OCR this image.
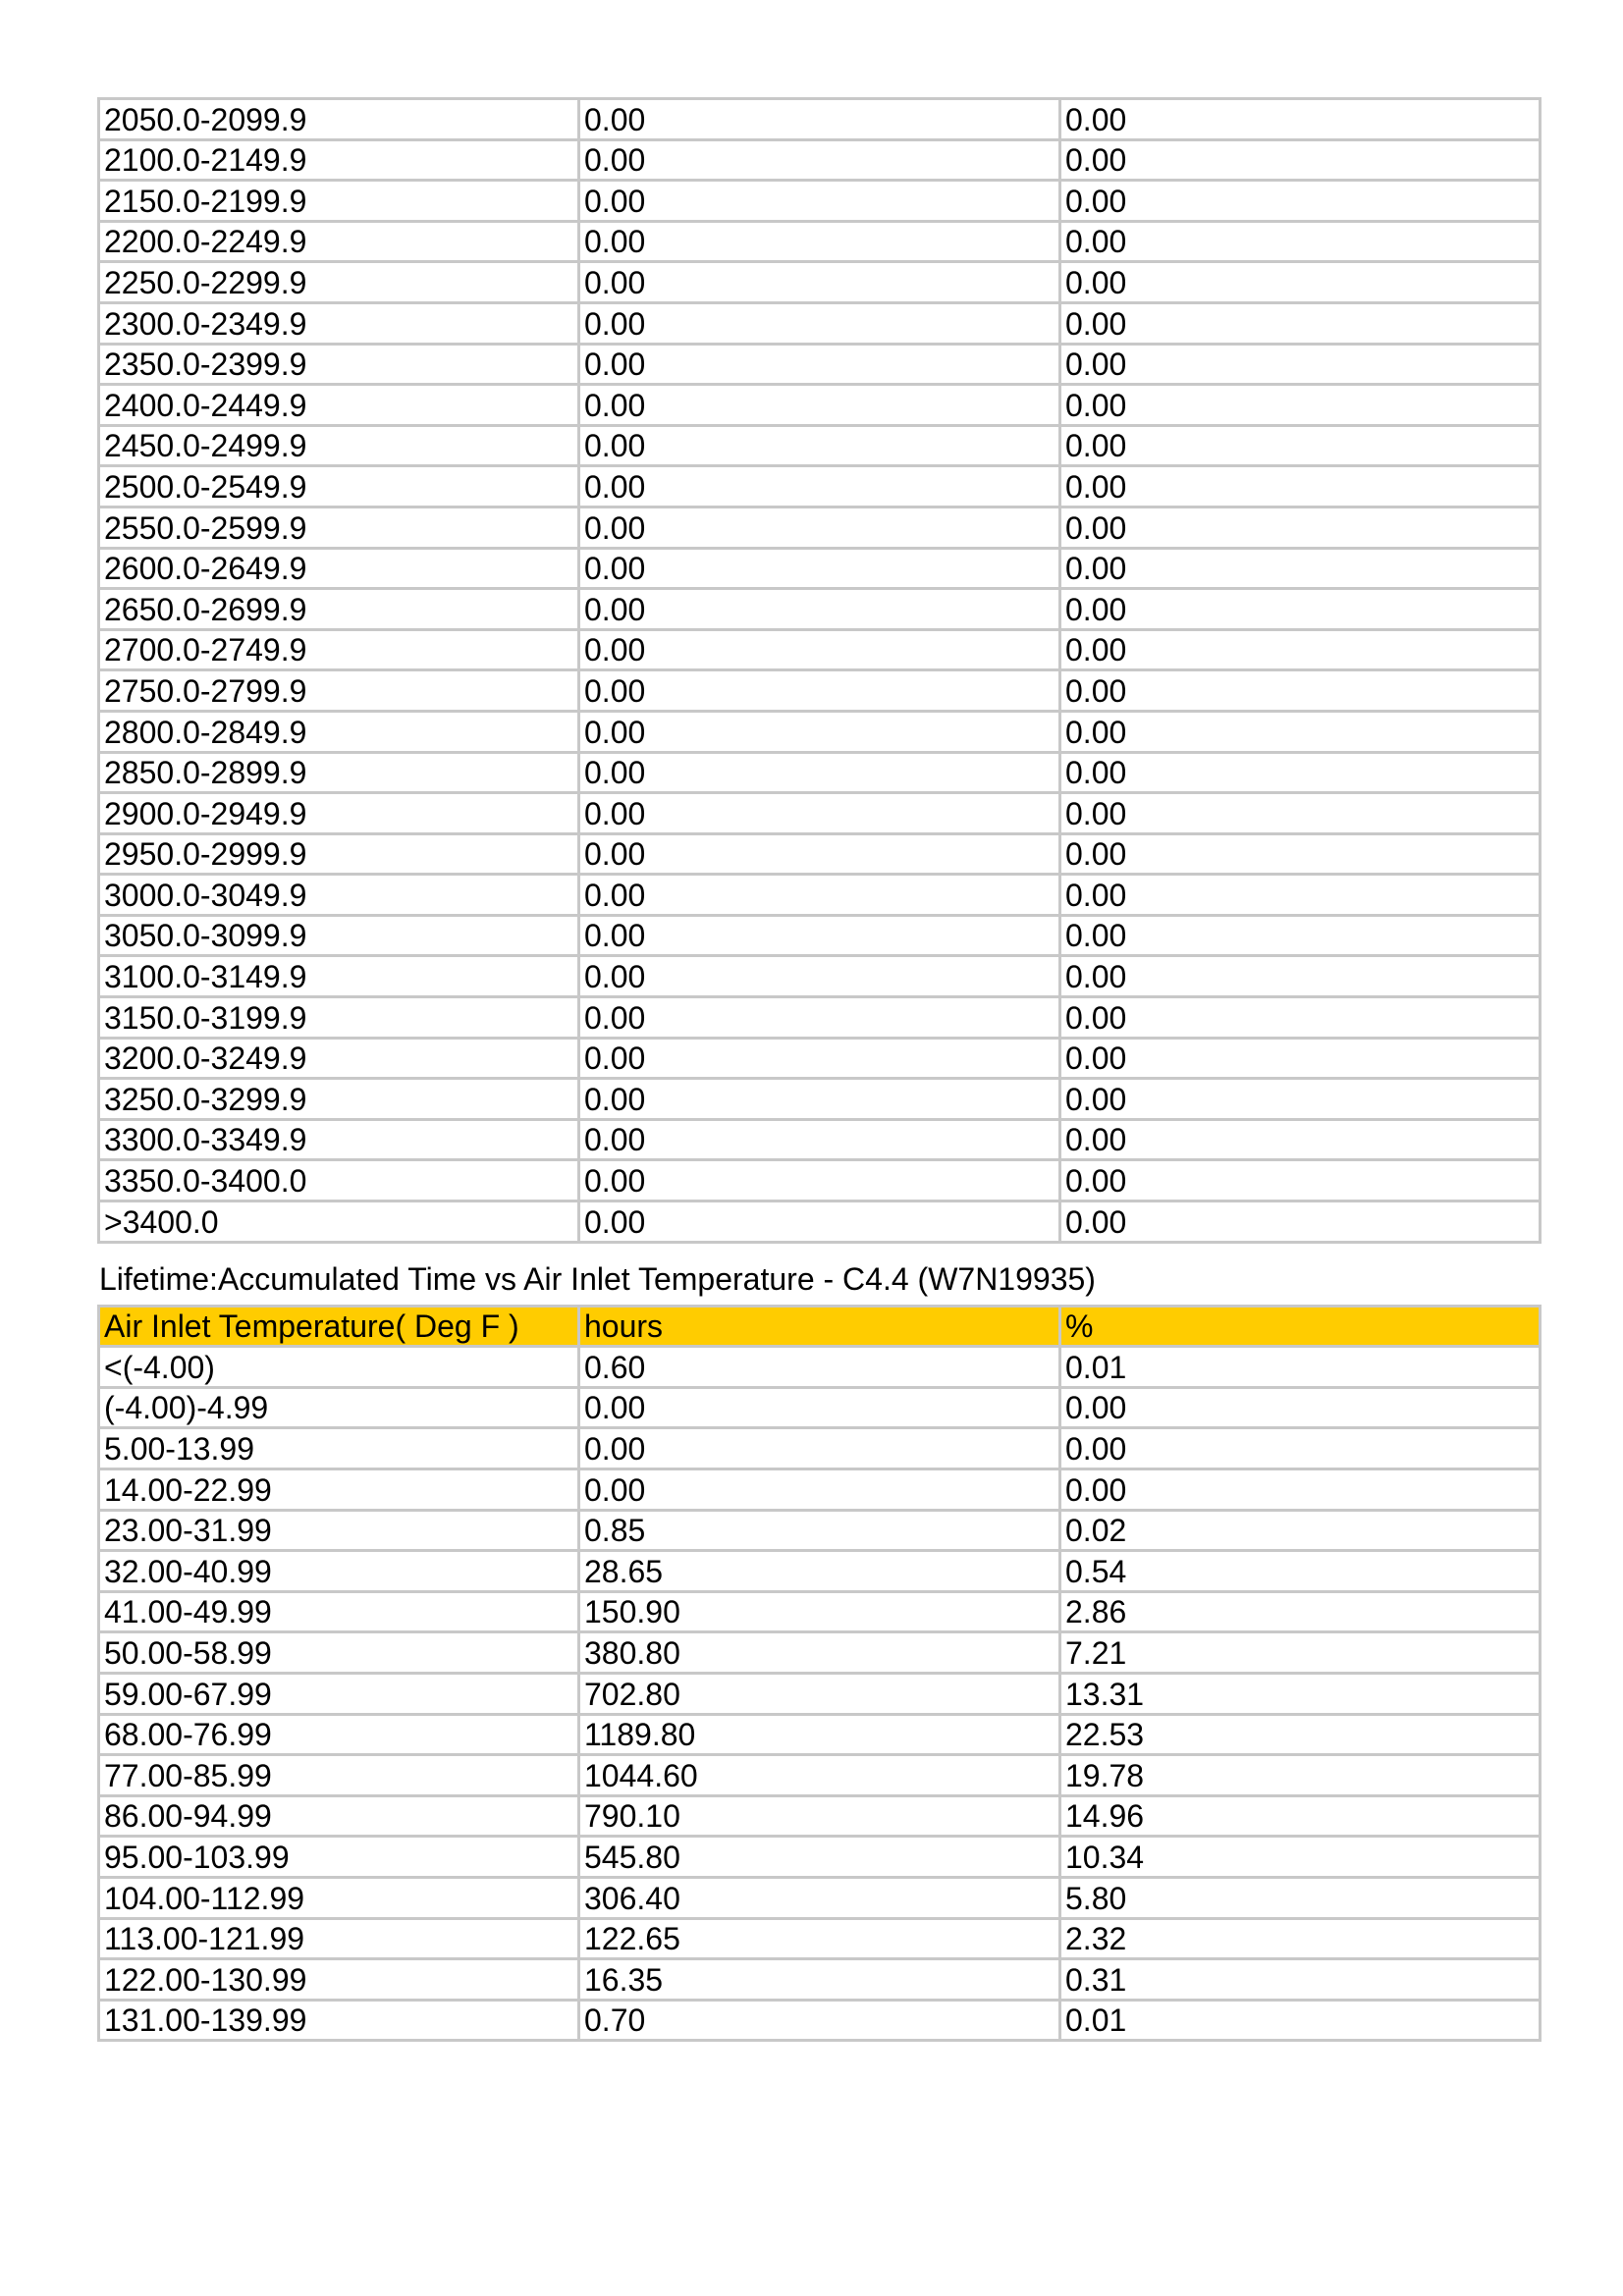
2050.0-2099.9	0.00	0.00
2100.0-2149.9	0.00	0.00
2150.0-2199.9	0.00	0.00
2200.0-2249.9	0.00	0.00
2250.0-2299.9	0.00	0.00
2300.0-2349.9	0.00	0.00
2350.0-2399.9	0.00	0.00
2400.0-2449.9	0.00	0.00
2450.0-2499.9	0.00	0.00
2500.0-2549.9	0.00	0.00
2550.0-2599.9	0.00	0.00
2600.0-2649.9	0.00	0.00
2650.0-2699.9	0.00	0.00
2700.0-2749.9	0.00	0.00
2750.0-2799.9	0.00	0.00
2800.0-2849.9	0.00	0.00
2850.0-2899.9	0.00	0.00
2900.0-2949.9	0.00	0.00
2950.0-2999.9	0.00	0.00
3000.0-3049.9	0.00	0.00
3050.0-3099.9	0.00	0.00
3100.0-3149.9	0.00	0.00
3150.0-3199.9	0.00	0.00
3200.0-3249.9	0.00	0.00
3250.0-3299.9	0.00	0.00
3300.0-3349.9	0.00	0.00
3350.0-3400.0	0.00	0.00
>3400.0	0.00	0.00
Lifetime:Accumulated Time vs Air Inlet Temperature - C4.4 (W7N19935)
Air Inlet Temperature( Deg F )	hours	%
<(-4.00)	0.60	0.01
(-4.00)-4.99	0.00	0.00
5.00-13.99	0.00	0.00
14.00-22.99	0.00	0.00
23.00-31.99	0.85	0.02
32.00-40.99	28.65	0.54
41.00-49.99	150.90	2.86
50.00-58.99	380.80	7.21
59.00-67.99	702.80	13.31
68.00-76.99	1189.80	22.53
77.00-85.99	1044.60	19.78
86.00-94.99	790.10	14.96
95.00-103.99	545.80	10.34
104.00-112.99	306.40	5.80
113.00-121.99	122.65	2.32
122.00-130.99	16.35	0.31
131.00-139.99	0.70	0.01
